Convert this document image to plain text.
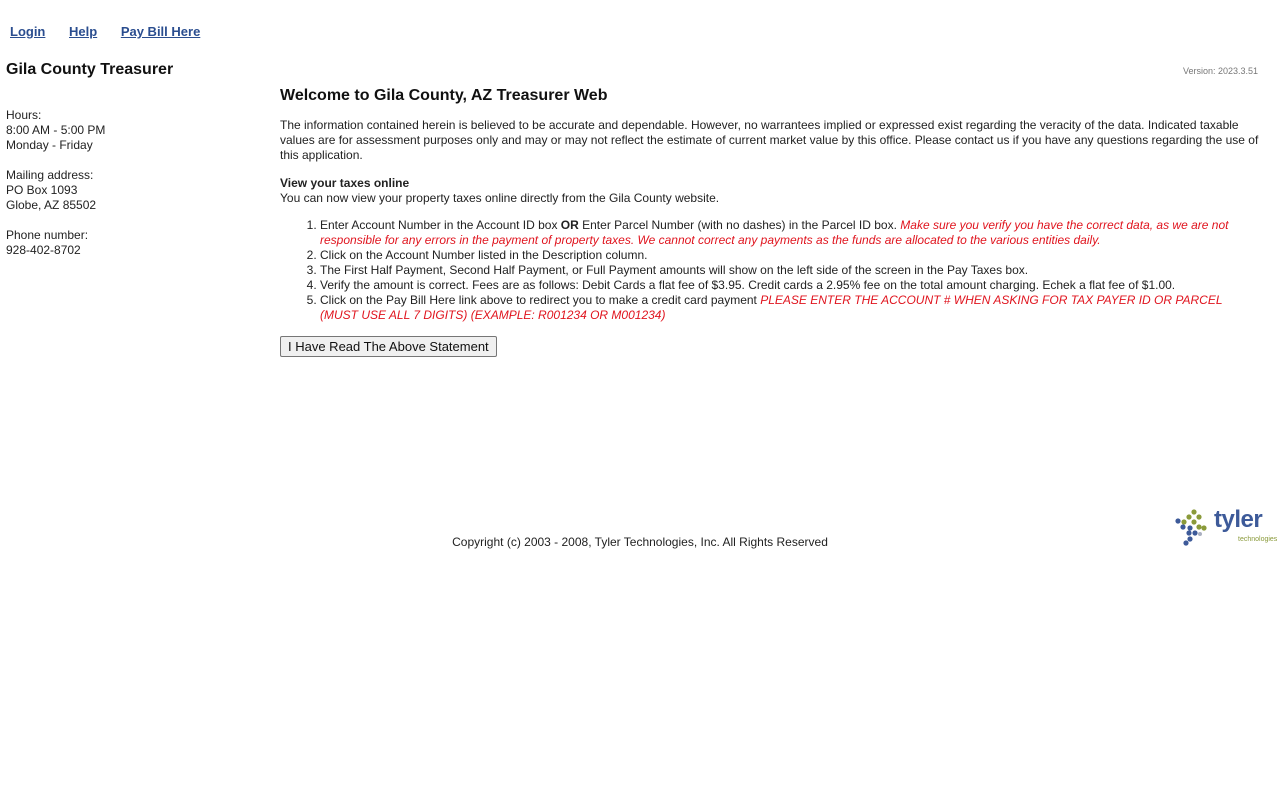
Login Help Pay Bill Here
Gila County Treasurer
Hours:
8:00 AM - 5:00 PM
Monday - Friday
Mailing address:
PO Box 1093
Globe, AZ 85502
Phone number:
928-402-8702
Version: 2023.3.51
Welcome to Gila County, AZ Treasurer Web

The information contained herein is believed to be accurate and dependable. However, no warrantees implied or expressed exist regarding the veracity of the data. Indicated taxable values are for assessment purposes only and may or may not reflect the estimate of current market value by this office. Please contact us if you have any questions regarding the use of this application.

View your taxes online
You can now view your property taxes online directly from the Gila County website.
1. Enter Account Number in the Account ID box OR Enter Parcel Number (with no dashes) in the Parcel ID box. Make sure you verify you have the correct data, as we are not responsible for any errors in the payment of property taxes. We cannot correct any payments as the funds are allocated to the various entities daily.
2. Click on the Account Number listed in the Description column.
3. The First Half Payment, Second Half Payment, or Full Payment amounts will show on the left side of the screen in the Pay Taxes box.
4. Verify the amount is correct. Fees are as follows: Debit Cards a flat fee of $3.95. Credit cards a 2.95% fee on the total amount charging. Echek a flat fee of $1.00.
5. Click on the Pay Bill Here link above to redirect you to make a credit card payment PLEASE ENTER THE ACCOUNT # WHEN ASKING FOR TAX PAYER ID OR PARCEL (MUST USE ALL 7 DIGITS) (EXAMPLE: R001234 OR M001234)
I Have Read The Above Statement
Copyright (c) 2003 - 2008, Tyler Technologies, Inc. All Rights Reserved
tyler
technologies
